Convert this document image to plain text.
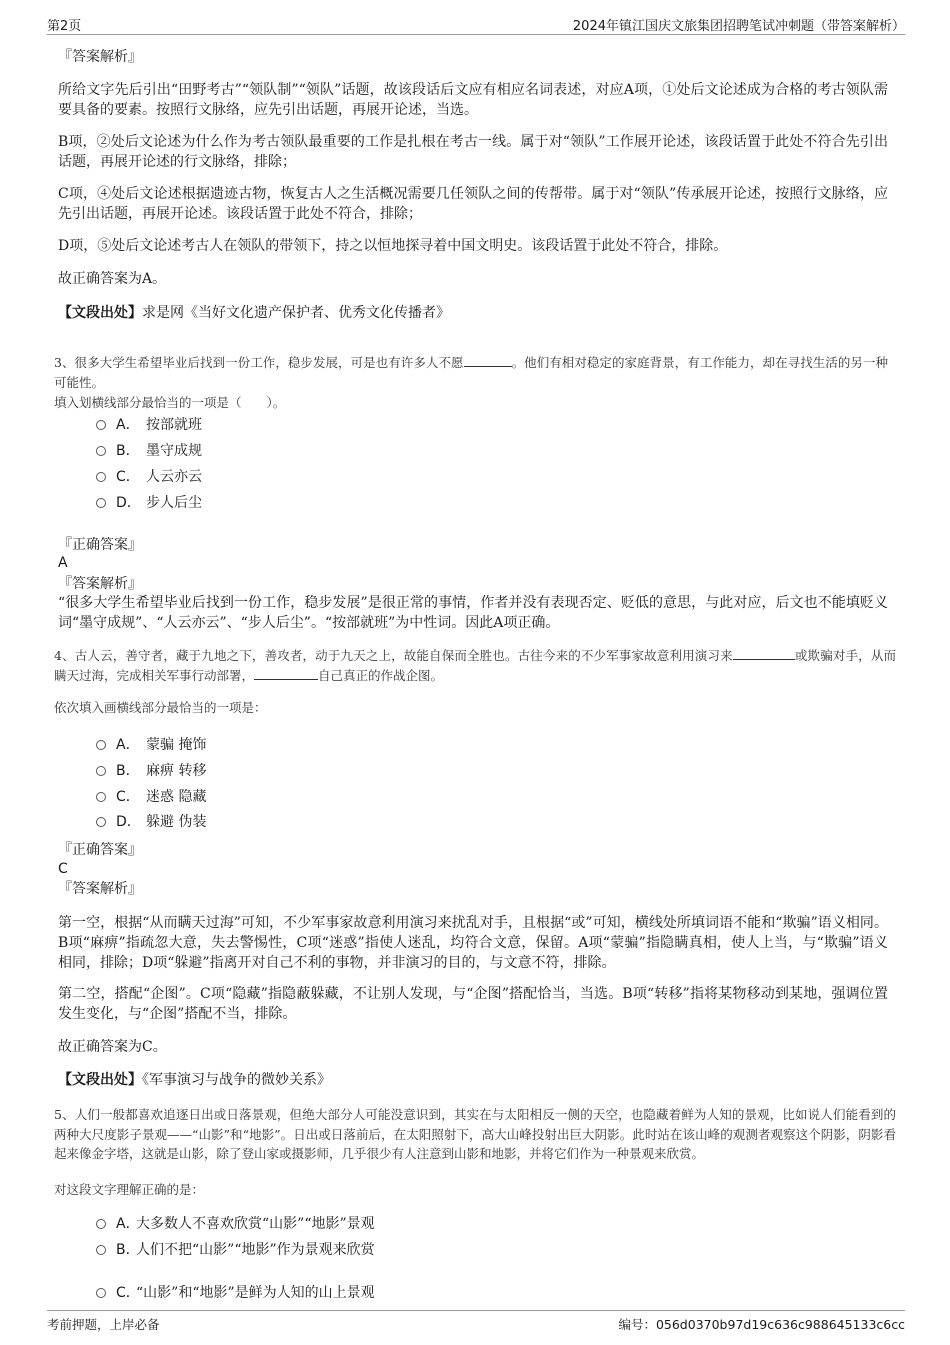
第2页	2024年镇江国庆文旅集团招聘笔试冲刺题（带答案解析）
『答案解析』
所给文字先后引出“田野考古”“领队制”“领队”话题，故该段话后文应有相应名词表述，对应A项，①处后文论述成为合格的考古领队需要具备的要素。按照行文脉络，应先引出话题，再展开论述，当选。
B项，②处后文论述为什么作为考古领队最重要的工作是扎根在考古一线。属于对“领队”工作展开论述，该段话置于此处不符合先引出话题，再展开论述的行文脉络，排除；
C项，④处后文论述根据遗迹古物，恢复古人之生活概况需要几任领队之间的传帮带。属于对“领队”传承展开论述，按照行文脉络，应先引出话题，再展开论述。该段话置于此处不符合，排除；
D项，⑤处后文论述考古人在领队的带领下，持之以恒地探寻着中国文明史。该段话置于此处不符合，排除。
故正确答案为A。
【文段出处】求是网《当好文化遗产保护者、优秀文化传播者》
3、很多大学生希望毕业后找到一份工作，稳步发展，可是也有许多人不愿	。他们有相对稳定的家庭背景，有工作能力，却在寻找生活的另一种可能性。
填入划横线部分最恰当的一项是（　　）。
A． 按部就班
B． 墨守成规
C． 人云亦云
D． 步人后尘
『正确答案』
A
『答案解析』
“很多大学生希望毕业后找到一份工作，稳步发展”是很正常的事情，作者并没有表现否定、贬低的意思，与此对应，后文也不能填贬义词“墨守成规”、“人云亦云”、“步人后尘”。“按部就班”为中性词。因此A项正确。
4、古人云，善守者，藏于九地之下，善攻者，动于九天之上，故能自保而全胜也。古往今来的不少军事家故意利用演习来	或欺骗对手，从而瞒天过海，完成相关军事行动部署，	自己真正的作战企图。
依次填入画横线部分最恰当的一项是：
A． 蒙骗 掩饰
B． 麻痹 转移
C． 迷惑 隐藏
D． 躲避 伪装
『正确答案』
C
『答案解析』
第一空，根据“从而瞒天过海”可知，不少军事家故意利用演习来扰乱对手，且根据“或”可知，横线处所填词语不能和“欺骗”语义相同。B项“麻痹”指疏忽大意，失去警惕性，C项“迷惑”指使人迷乱，均符合文意，保留。A项“蒙骗”指隐瞒真相，使人上当，与“欺骗”语义相同，排除；D项“躲避”指离开对自己不利的事物，并非演习的目的，与文意不符，排除。
第二空，搭配“企图”。C项“隐藏”指隐蔽躲藏，不让别人发现，与“企图”搭配恰当，当选。B项“转移”指将某物移动到某地，强调位置发生变化，与“企图”搭配不当，排除。
故正确答案为C。
【文段出处】《军事演习与战争的微妙关系》
5、人们一般都喜欢追逐日出或日落景观，但绝大部分人可能没意识到，其实在与太阳相反一侧的天空，也隐藏着鲜为人知的景观，比如说人们能看到的两种大尺度影子景观——“山影”和“地影”。日出或日落前后，在太阳照射下，高大山峰投射出巨大阴影。此时站在该山峰的观测者观察这个阴影，阴影看起来像金字塔，这就是山影，除了登山家或摄影师，几乎很少有人注意到山影和地影，并将它们作为一种景观来欣赏。
对这段文字理解正确的是：
A．大多数人不喜欢欣赏“山影”“地影”景观
B．人们不把“山影”“地影”作为景观来欣赏
C．“山影”和“地影”是鲜为人知的山上景观
考前押题，上岸必备	编号：056d0370b97d19c636c988645133c6cc
